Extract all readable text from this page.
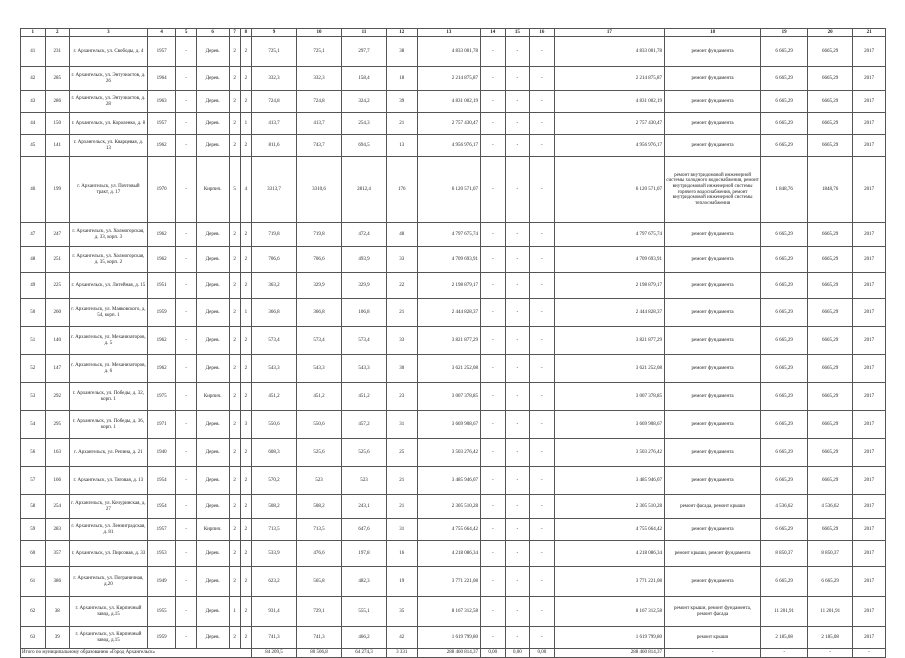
1	2	3	4	5	6	7	8	9	10	11	12	13	14	15	16	17	18	19	20	21
41	231	г. Архангельск, ул. Свободы, д. 4	1957	-	Дерев.	2	2	725,1	725,1	297,7	38	4 833 001,78	-	-	-	4 833 001,78	ремонт фундамента	6 665,29	6665,29	2017
42	285	г. Архангельск, ул. Энтузиастов, д. 26	1964	-	Дерев.	2	2	332,3	332,3	158,4	18	2 214 875,87	-	-	-	2 214 875,87	ремонт фундамента	6 665,29	6665,29	2017
43	286	г. Архангельск, ул. Энтузиастов, д. 28	1963	-	Дерев.	2	2	724,8	724,8	324,2	39	4 831 002,19	-	-	-	4 831 002,19	ремонт фундамента	6 665,29	6665,29	2017
44	150	г. Архангельск, ул. Короленко, д. 8	1957	-	Дерев.	2	1	413,7	413,7	254,3	21	2 757 430,47	-	-	-	2 757 430,47	ремонт фундамента	6 665,29	6665,29	2017
45	141	г. Архангельск, ул. Кварцевая, д. 13	1962	-	Дерев.	2	2	811,6	743,7	694,5	13	4 956 976,17	-	-	-	4 956 976,17	ремонт фундамента	6 665,29	6665,29	2017
46	199	г. Архангельск, ул. Почтовый тракт, д. 17	1970	-	Кирпич.	5	4	3313,7	3310,6	2812,4	176	6 120 571,07	-	-	-	6 120 571,07	ремонт внутридомовой инженерной системы холодного водоснабжения, ремонт внутридомовой инженерной системы горячего водоснабжения, ремонт внутридомовой инженерной системы теплоснабжения	1 848,76	1848,76	2017
47	247	г. Архангельск, ул. Холмогорская, д. 33, корп. 3	1962	-	Дерев.	2	2	719,8	719,8	472,4	48	4 797 675,74	-	-	-	4 797 675,74	ремонт фундамента	6 665,29	6665,29	2017
48	251	г. Архангельск, ул. Холмогорская, д. 35, корп. 2	1962	-	Дерев.	2	2	706,6	706,6	493,9	33	4 709 693,91	-	-	-	4 709 693,91	ремонт фундамента	6 665,29	6665,29	2017
49	225	г. Архангельск, ул. Литейная, д. 15	1951	-	Дерев.	2	2	363,2	329,9	329,9	22	2 198 879,17	-	-	-	2 198 879,17	ремонт фундамента	6 665,29	6665,29	2017
50	260	г. Архангельск, ул. Маяковского, д. 54, корп. 1	1959	-	Дерев.	2	1	366,8	366,8	106,8	21	2 444 828,37	-	-	-	2 444 828,37	ремонт фундамента	6 665,29	6665,29	2017
51	140	г. Архангельск, ул. Механизаторов, д. 5	1962	-	Дерев.	2	2	573,4	573,4	573,4	33	3 821 877,29	-	-	-	3 821 877,29	ремонт фундамента	6 665,29	6665,29	2017
52	147	г. Архангельск, ул. Механизаторов, д. 6	1962	-	Дерев.	2	2	543,3	543,3	543,3	30	3 621 252,08	-	-	-	3 621 252,08	ремонт фундамента	6 665,29	6665,29	2017
53	292	г. Архангельск, ул. Победы, д. 32, корп. 1	1975	-	Кирпич.	2	2	451,2	451,2	451,2	23	3 007 378,85	-	-	-	3 007 378,85	ремонт фундамента	6 665,29	6665,29	2017
54	295	г. Архангельск, ул. Победы, д. 36, корп. 1	1971	-	Дерев.	2	3	550,6	550,6	457,2	31	3 669 908,67	-	-	-	3 669 908,67	ремонт фундамента	6 665,29	6665,29	2017
56	163	г. Архангельск, ул. Репина, д. 21	1940	-	Дерев.	2	2	608,3	525,6	525,6	25	3 503 276,42	-	-	-	3 503 276,42	ремонт фундамента	6 665,29	6665,29	2017
57	166	г. Архангельск, ул. Тяговая, д. 13	1954	-	Дерев.	2	2	570,2	523	523	21	3 485 946,07	-	-	-	3 485 946,07	ремонт фундамента	6 665,29	6665,29	2017
58	254	г. Архангельск, ул. Кочуринская, д. 27	1954	-	Дерев.	2	2	508,2	508,2	243,1	21	2 305 510,28	-	-	-	2 305 510,28	ремонт фасада, ремонт крыши	4 536,62	4 536,62	2017
59	283	г. Архангельск, ул. Ленинградская, д. 81	1957	-	Кирпич.	2	2	713,5	713,5	647,6	31	4 755 664,42	-	-	-	4 755 664,42	ремонт фундамента	6 665,29	6665,29	2017
60	357	г. Архангельск, ул. Пирсовая, д. 33	1953	-	Дерев.	2	2	533,9	476,6	197,8	16	4 218 086,34	-	-	-	4 218 086,34	ремонт крыши, ремонт фундамента	8 850,37	8 850,37	2017
61	386	г. Архангельск, ул. Пограничная, д.20	1949	-	Дерев.	2	2	623,2	565,8	482,3	19	3 771 221,08	-	-	-	3 771 221,08	ремонт фундамента	6 665,29	6 665,29	2017
62	38	г. Архангельск, ул. Кирпичный завод, д.15	1955	-	Дерев.	1	2	931,4	729,1	555,1	35	8 167 312,58	-	-	-	8 167 312,58	ремонт крыши, ремонт фундамента, ремонт фасада	11 201,91	11 201,91	2017
63	39	г. Архангельск, ул. Кирпичный завод, д.15	1959	-	Дерев.	2	2	741,3	741,3	466,2	42	1 619 799,80	-	-	-	1 619 799,80	ремонт крыши	2 185,08	2 185,08	2017
Итого по муниципальному образованию «Город Архангельск»								84 209,5	80 506,8	64 274,3	3 331	288 460 814,37	0,00	0,00	0,00	288 460 814,37	-	-	-	-
